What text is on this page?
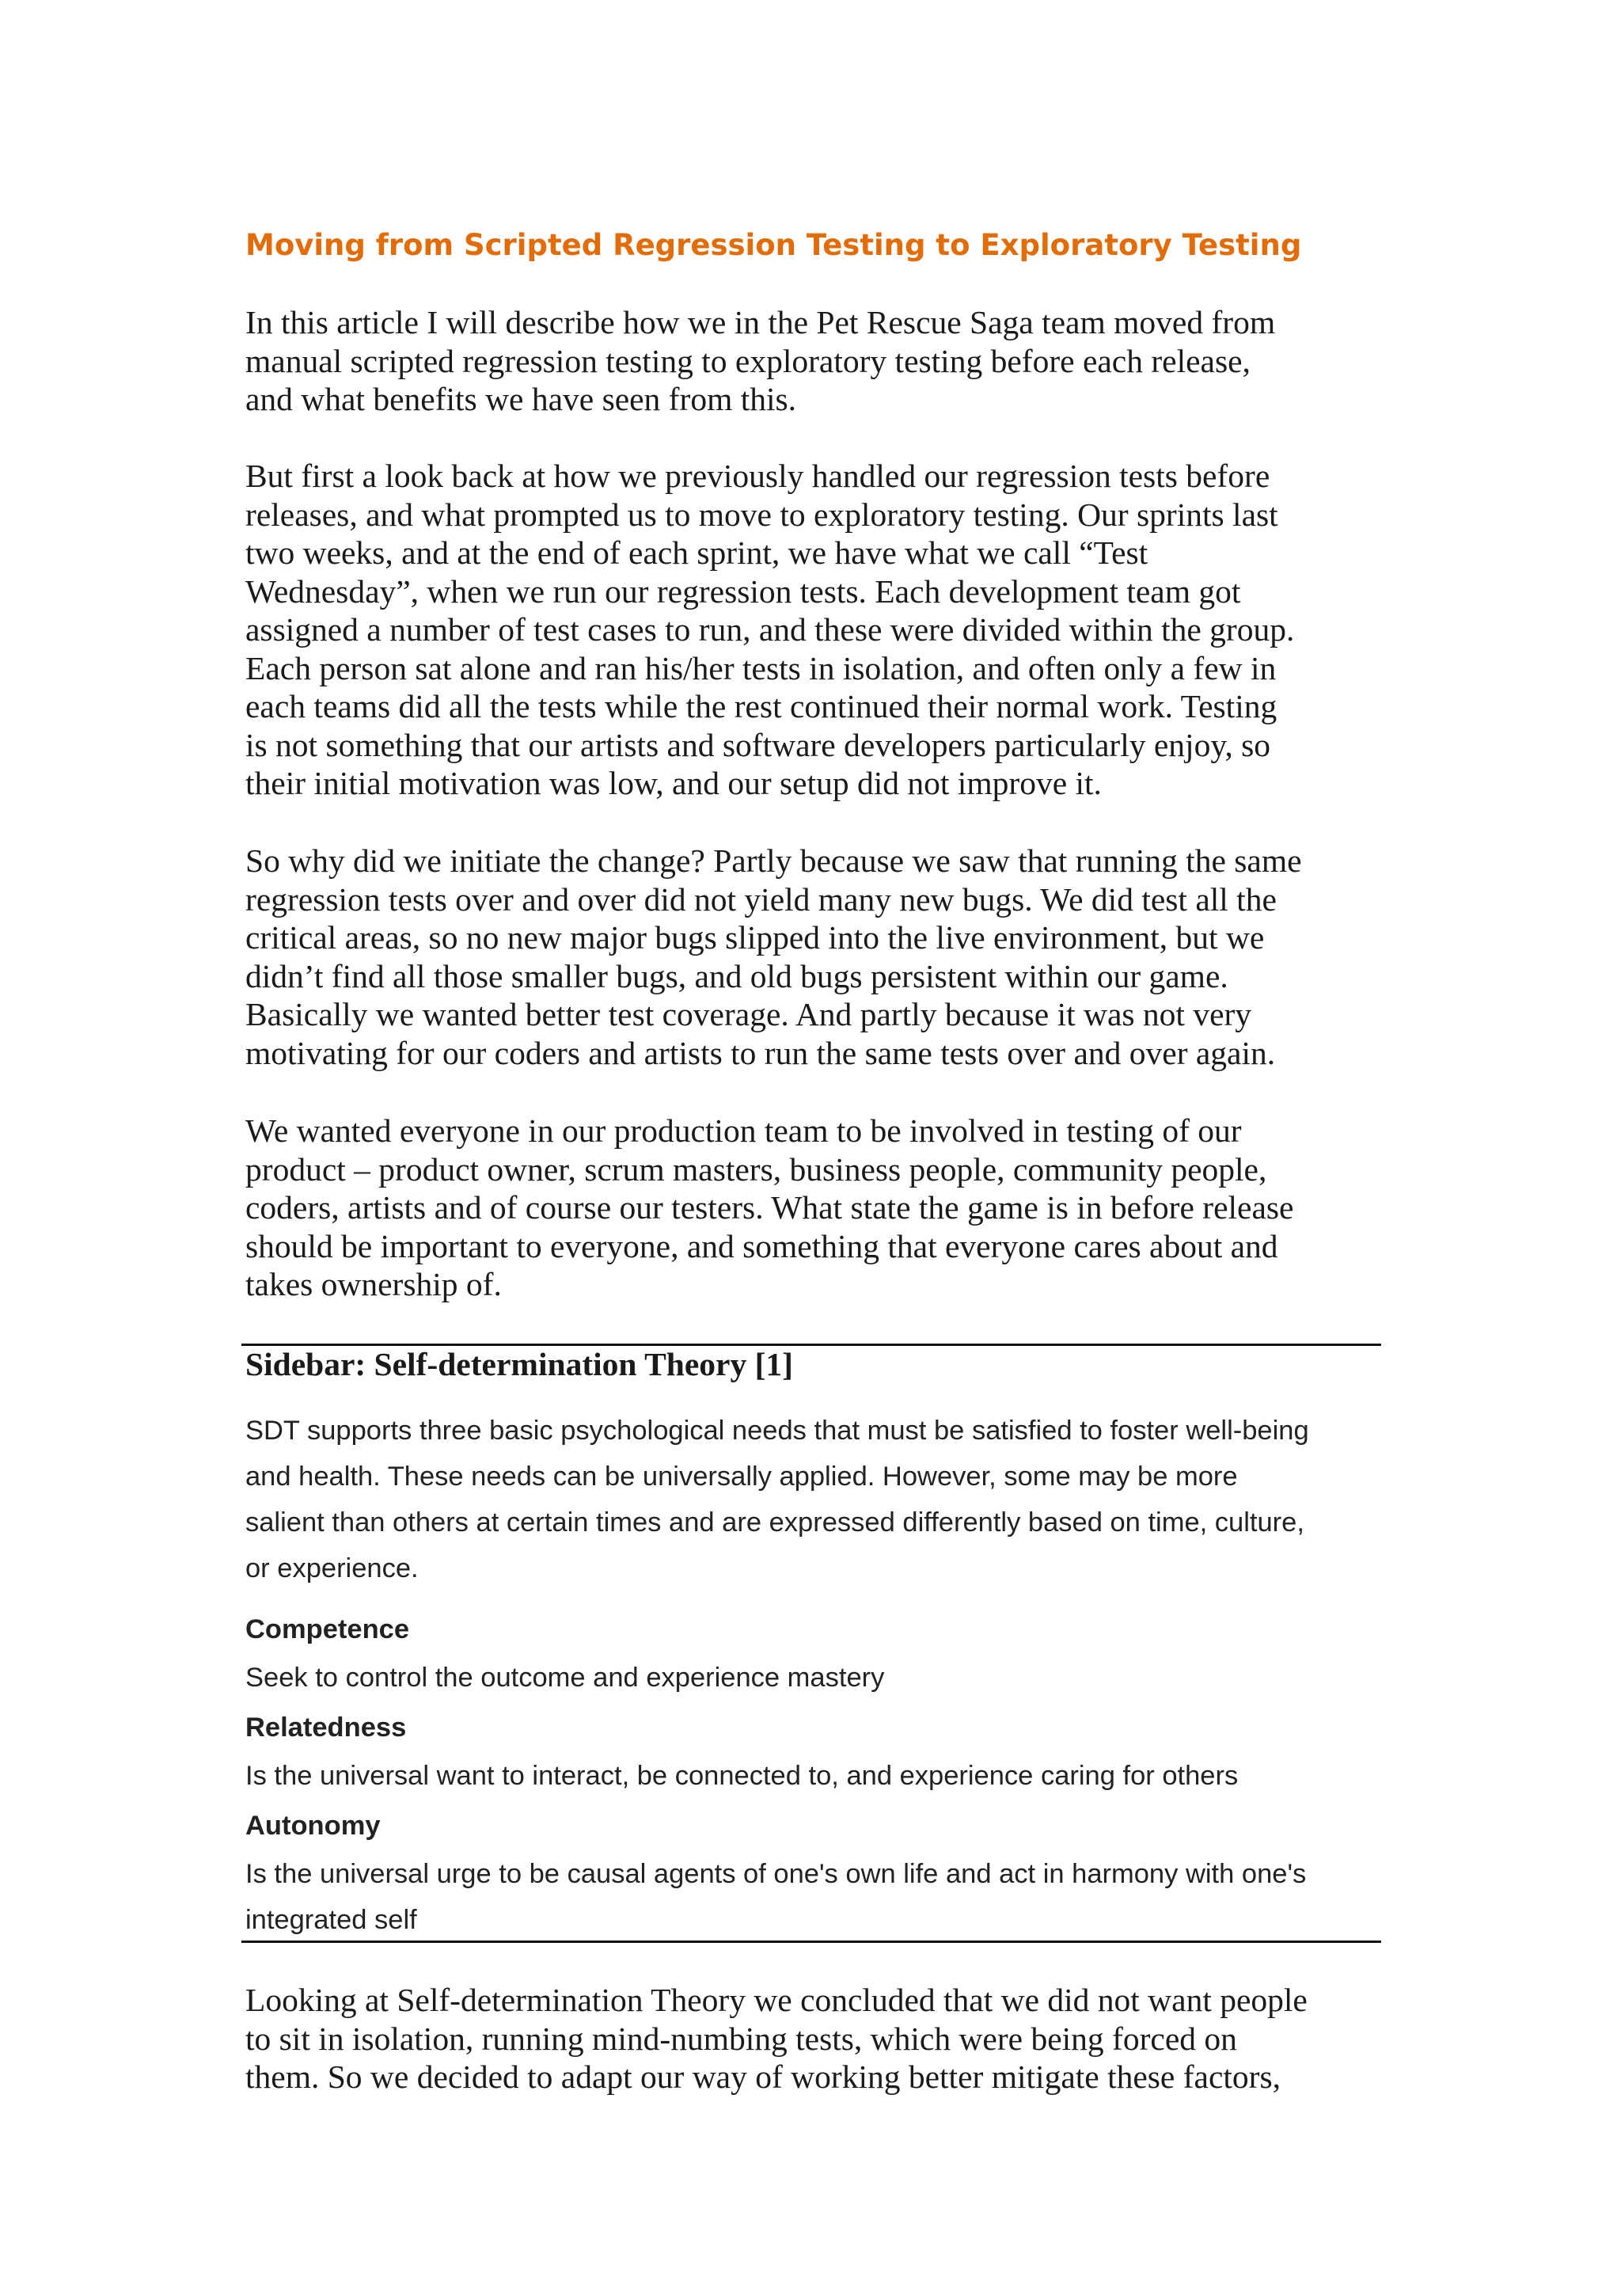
Moving from Scripted Regression Testing to Exploratory Testing

In this article I will describe how we in the Pet Rescue Saga team moved from
manual scripted regression testing to exploratory testing before each release,
and what benefits we have seen from this.

But first a look back at how we previously handled our regression tests before
releases, and what prompted us to move to exploratory testing. Our sprints last
two weeks, and at the end of each sprint, we have what we call “Test
Wednesday”, when we run our regression tests. Each development team got
assigned a number of test cases to run, and these were divided within the group.
Each person sat alone and ran his/her tests in isolation, and often only a few in
each teams did all the tests while the rest continued their normal work. Testing
is not something that our artists and software developers particularly enjoy, so
their initial motivation was low, and our setup did not improve it.

So why did we initiate the change? Partly because we saw that running the same
regression tests over and over did not yield many new bugs. We did test all the
critical areas, so no new major bugs slipped into the live environment, but we
didn’t find all those smaller bugs, and old bugs persistent within our game.
Basically we wanted better test coverage. And partly because it was not very
motivating for our coders and artists to run the same tests over and over again.

We wanted everyone in our production team to be involved in testing of our
product – product owner, scrum masters, business people, community people,
coders, artists and of course our testers. What state the game is in before release
should be important to everyone, and something that everyone cares about and
takes ownership of.

Sidebar: Self-determination Theory [1]

SDT supports three basic psychological needs that must be satisfied to foster well-being
and health. These needs can be universally applied. However, some may be more
salient than others at certain times and are expressed differently based on time, culture,
or experience.

Competence

Seek to control the outcome and experience mastery

Relatedness

Is the universal want to interact, be connected to, and experience caring for others

Autonomy

Is the universal urge to be causal agents of one's own life and act in harmony with one's
integrated self

Looking at Self-determination Theory we concluded that we did not want people
to sit in isolation, running mind-numbing tests, which were being forced on
them. So we decided to adapt our way of working better mitigate these factors,
